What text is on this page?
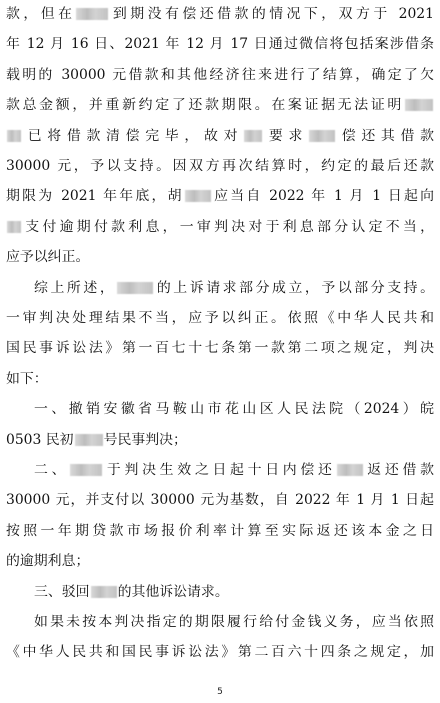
款，但在 到期没有偿还借款的情况下，双方于 2021
年 12 月 16 日、2021 年 12 月 17 日通过微信将包括案涉借条
载明的 30000 元借款和其他经济往来进行了结算，确定了欠
款总金额，并重新约定了还款期限。在案证据无法证明
已将借款清偿完毕，故对 要求 偿还其借款
30000 元，予以支持。因双方再次结算时，约定的最后还款
期限为 2021 年年底，胡 应当自 2022 年 1 月 1 日起向
支付逾期付款利息，一审判决对于利息部分认定不当，
应予以纠正。
综上所述，	的上诉请求部分成立，予以部分支持。
一审判决处理结果不当，应予以纠正。依照《中华人民共和
国民事诉讼法》第一百七十七条第一款第二项之规定，判决
如下：
一、撤销安徽省马鞍山市花山区人民法院（2024）皖
0503 民初 号民事判决；
二、 于判决生效之日起十日内偿还 返还借款
30000 元，并支付以 30000 元为基数，自 2022 年 1 月 1 日起
按照一年期贷款市场报价利率计算至实际返还该本金之日
的逾期利息；
三、驳回 的其他诉讼请求。
如果未按本判决指定的期限履行给付金钱义务，应当依照
《中华人民共和国民事诉讼法》第二百六十四条之规定，加
5
